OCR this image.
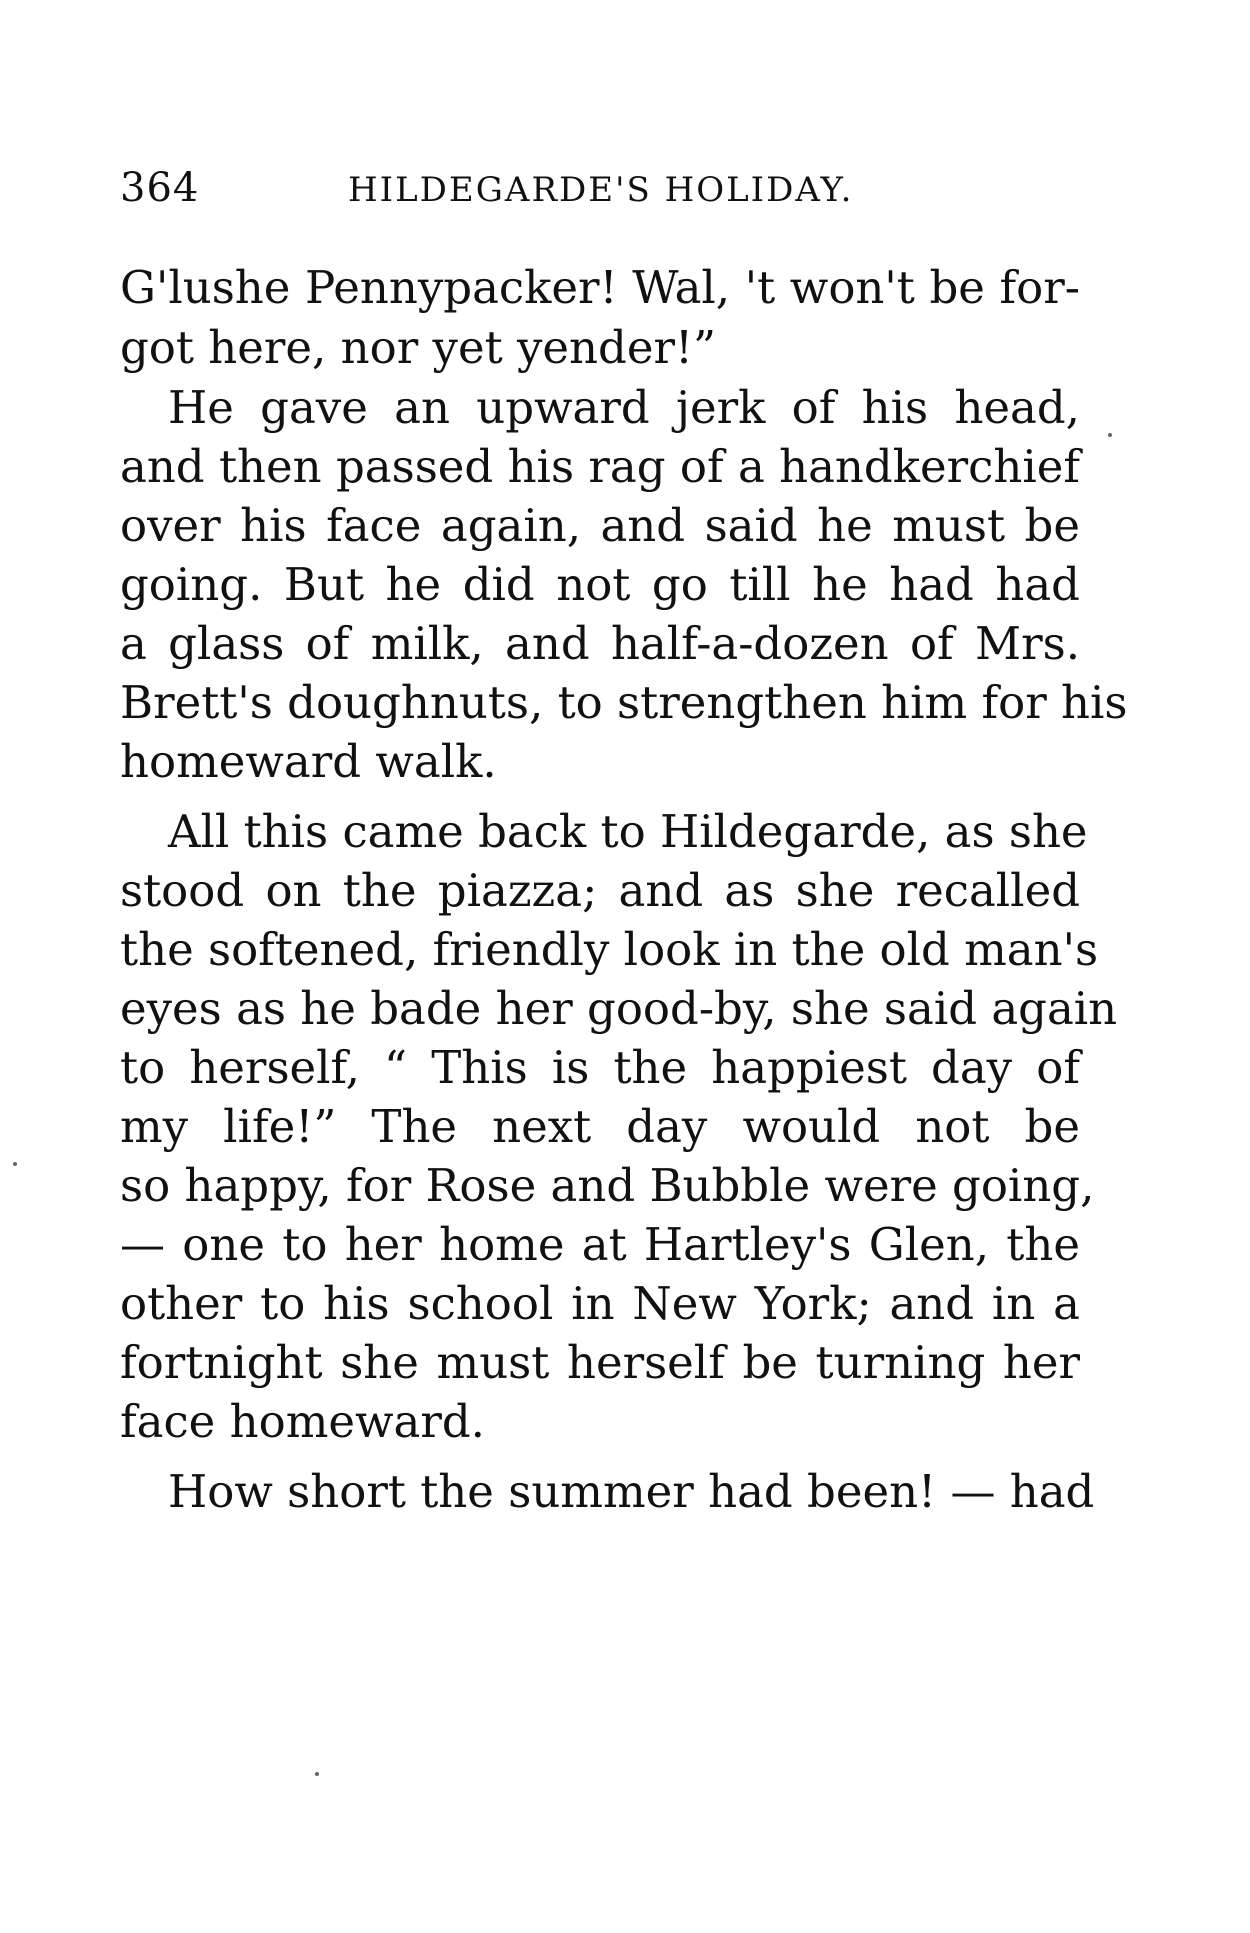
364	HILDEGARDE'S HOLIDAY.
G'lushe Pennypacker! Wal, 't won't be for-
got here, nor yet yender!”
He gave an upward jerk of his head,
and then passed his rag of a handkerchief
over his face again, and said he must be
going. But he did not go till he had had
a glass of milk, and half-a-dozen of Mrs.
Brett's doughnuts, to strengthen him for his
homeward walk.
All this came back to Hildegarde, as she
stood on the piazza; and as she recalled
the softened, friendly look in the old man's
eyes as he bade her good-by, she said again
to herself, “ This is the happiest day of
my life!” The next day would not be
so happy, for Rose and Bubble were going,
— one to her home at Hartley's Glen, the
other to his school in New York; and in a
fortnight she must herself be turning her
face homeward.
How short the summer had been! — had
